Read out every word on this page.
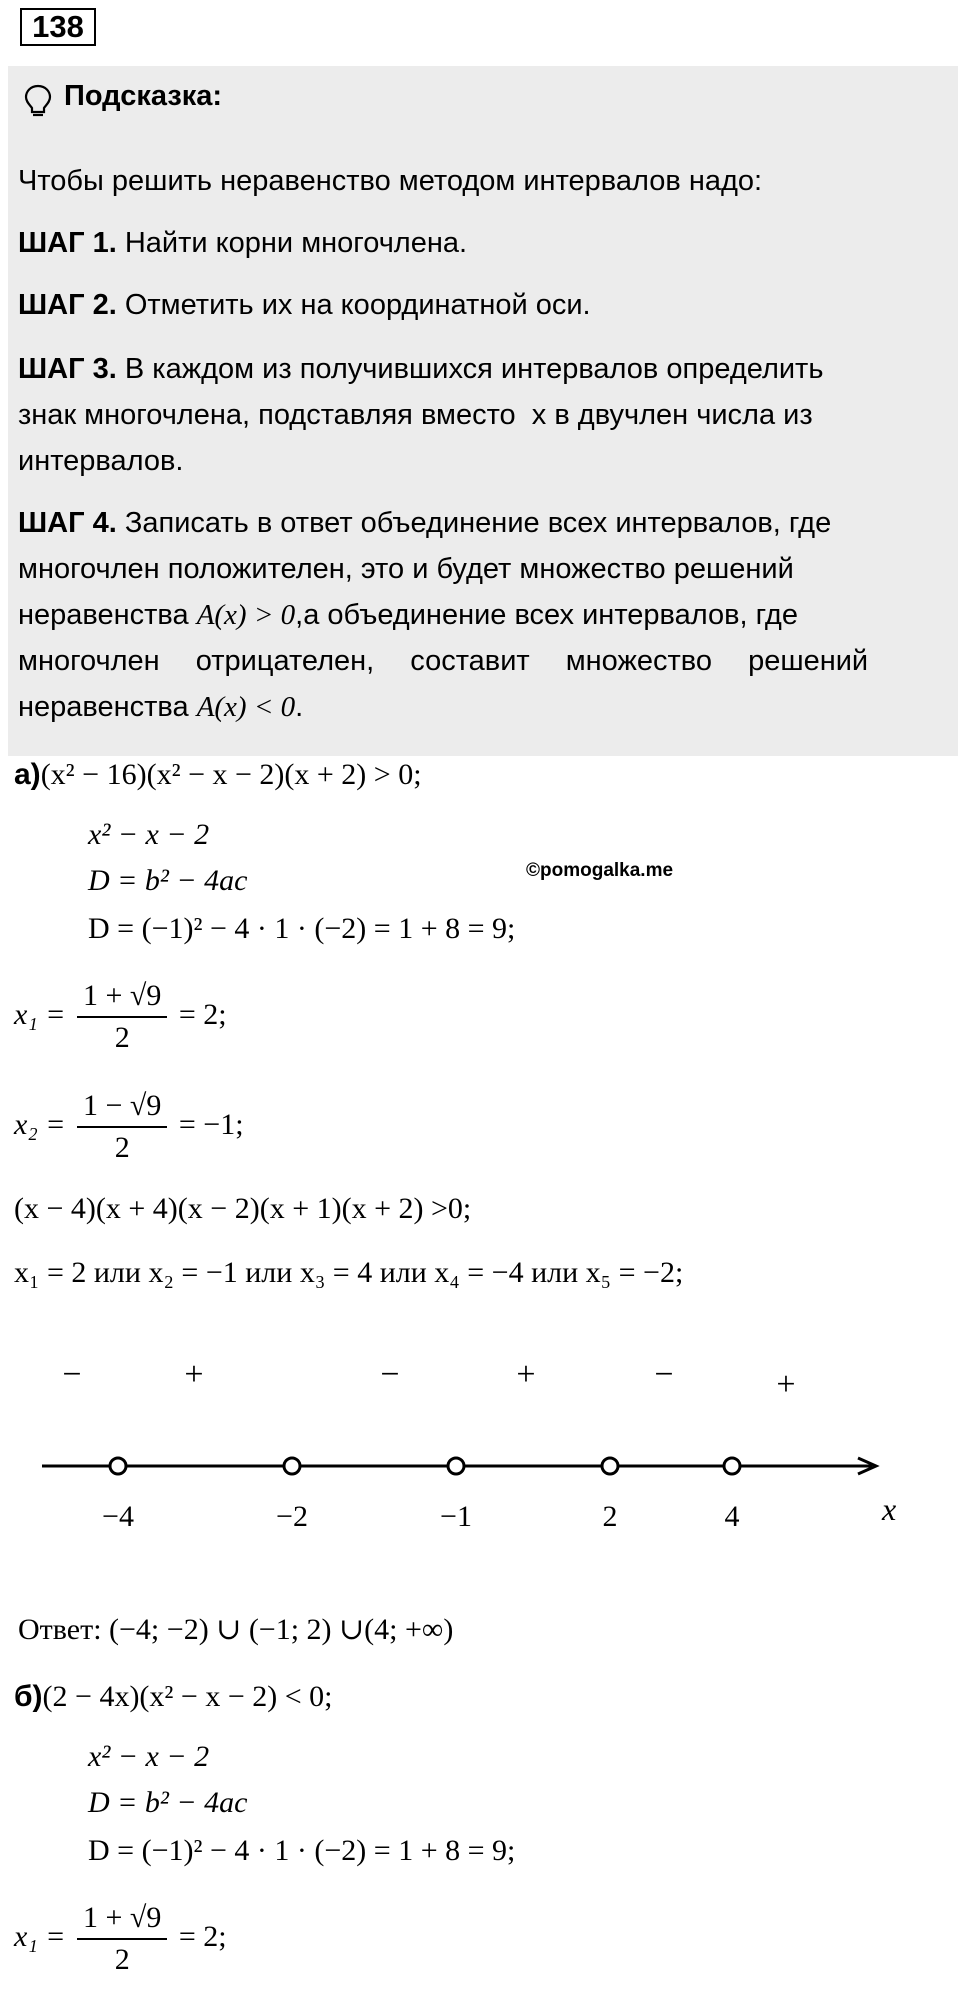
138
Подсказка:

Чтобы решить неравенство методом интервалов надо:

ШАГ 1. Найти корни многочлена.

ШАГ 2. Отметить их на координатной оси.

ШАГ 3. В каждом из получившихся интервалов определить

знак многочлена, подставляя вместо  x в двучлен числа из

интервалов.

ШАГ 4. Записать в ответ объединение всех интервалов, где

многочлен положителен, это и будет множество решений

неравенства A(x) > 0,а объединение всех интервалов, где

многочлен отрицателен, составит множество решений

неравенства A(x) < 0.

а)(x² − 16)(x² − x − 2)(x + 2) > 0;
x² − x − 2
D = b² − 4ac	©pomogalka.me
D = (−1)² − 4 · 1 · (−2) = 1 + 8 = 9;
$x_1 = \frac{1 + √9}{2} = 2$;
$x_2 = \frac{1 - √9}{2} = -1$;
(x − 4)(x + 4)(x − 2)(x + 1)(x + 2) >0;
x₁ = 2 или x₂ = −1 или x₃ = 4 или x₄ = −4 или x₅ = −2;
−	+	−	+	−	+
−4	−2	−1	2	4	x
Ответ: (−4; −2) ∪ (−1; 2) ∪(4; +∞)
б)(2 − 4x)(x² − x − 2) < 0;
x² − x − 2
D = b² − 4ac
D = (−1)² − 4 · 1 · (−2) = 1 + 8 = 9;
$x_1 = \frac{1 + √9}{2} = 2$;
